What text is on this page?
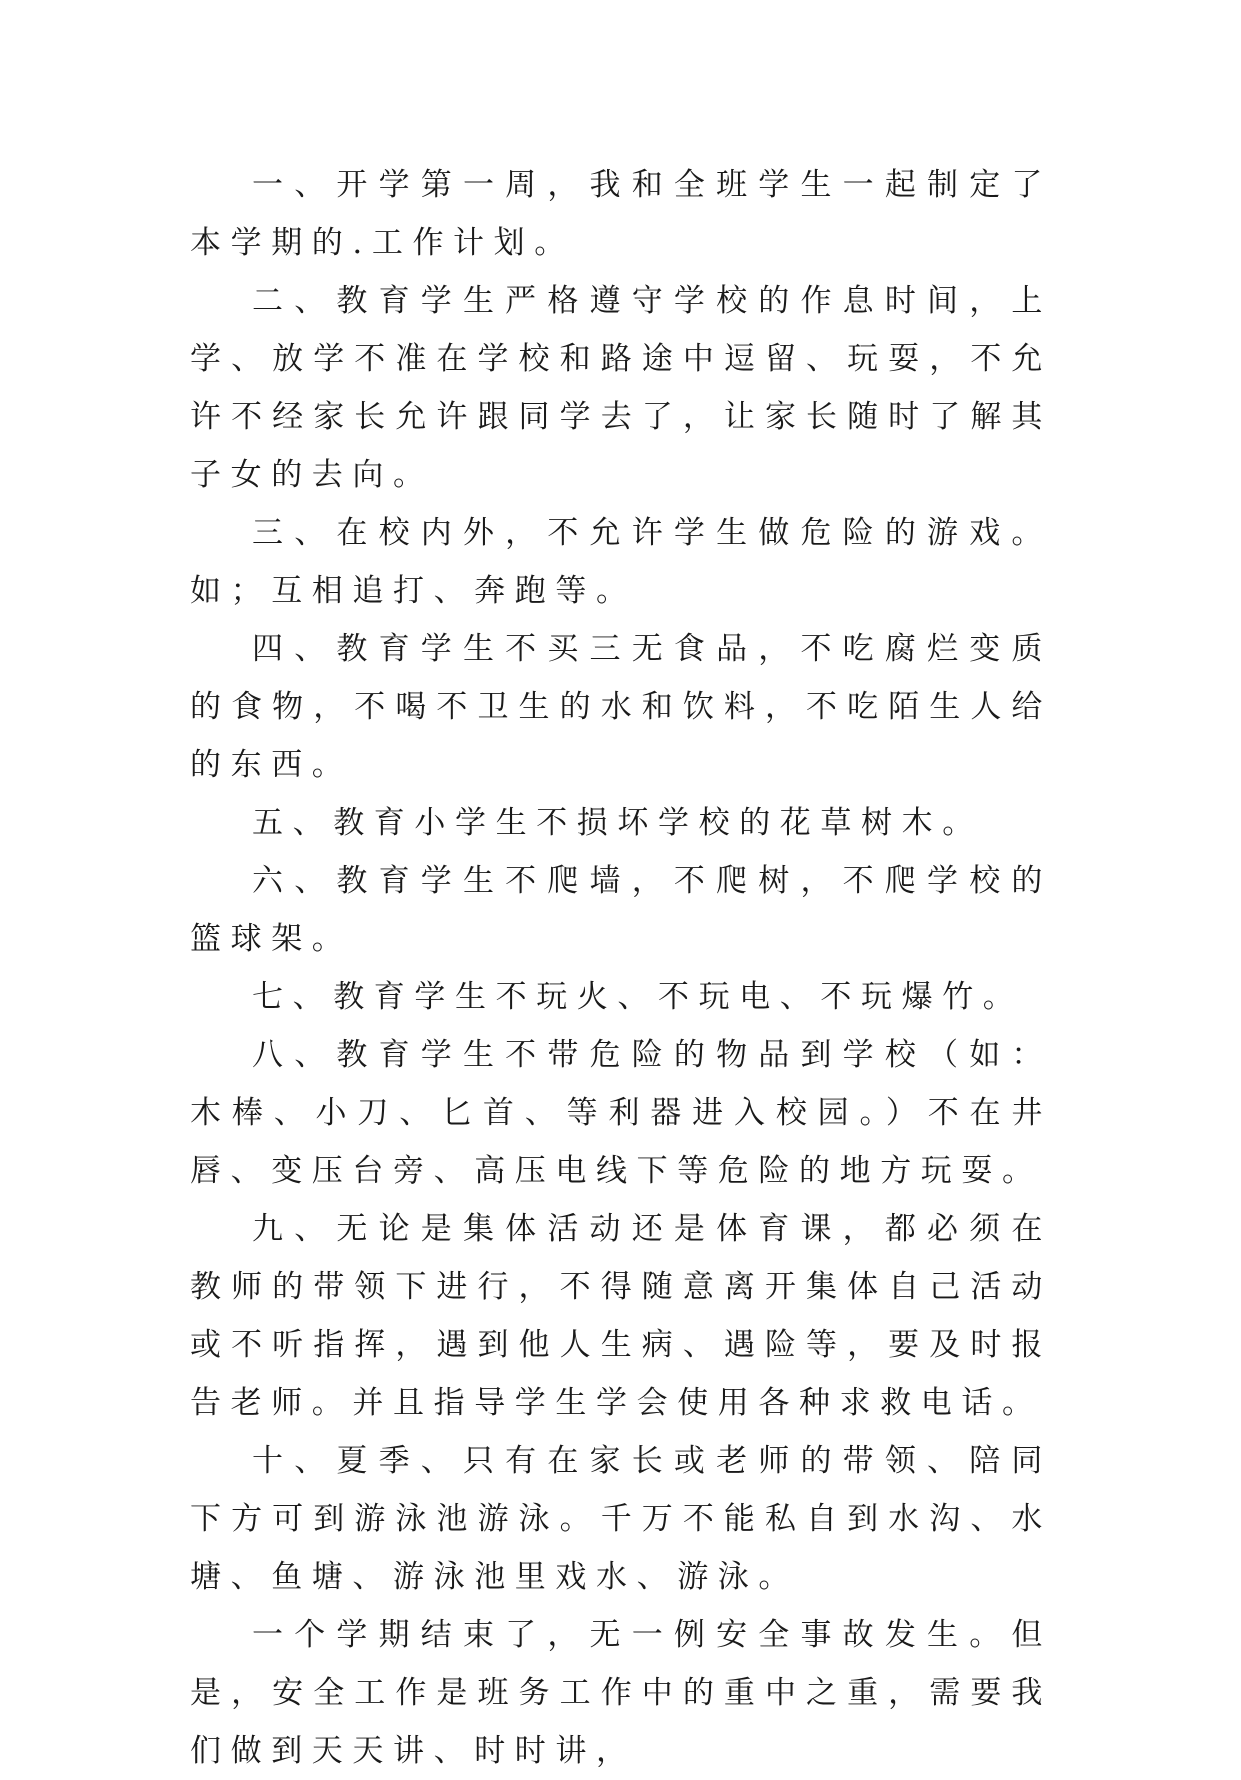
一、开学第一周，我和全班学生一起制定了本学期的.工作计划。

二、教育学生严格遵守学校的作息时间，上学、放学不准在学校和路途中逗留、玩耍，不允许不经家长允许跟同学去了，让家长随时了解其子女的去向。

三、在校内外，不允许学生做危险的游戏。如；互相追打、奔跑等。

四、教育学生不买三无食品，不吃腐烂变质的食物，不喝不卫生的水和饮料，不吃陌生人给的东西。

五、教育小学生不损坏学校的花草树木。

六、教育学生不爬墙，不爬树，不爬学校的篮球架。

七、教育学生不玩火、不玩电、不玩爆竹。

八、教育学生不带危险的物品到学校（如：木棒、小刀、匕首、等利器进入校园。）不在井唇、变压台旁、高压电线下等危险的地方玩耍。

九、无论是集体活动还是体育课，都必须在教师的带领下进行，不得随意离开集体自己活动或不听指挥，遇到他人生病、遇险等，要及时报告老师。并且指导学生学会使用各种求救电话。

十、夏季、只有在家长或老师的带领、陪同下方可到游泳池游泳。千万不能私自到水沟、水塘、鱼塘、游泳池里戏水、游泳。

一个学期结束了，无一例安全事故发生。但是，安全工作是班务工作中的重中之重，需要我们做到天天讲、时时讲，
